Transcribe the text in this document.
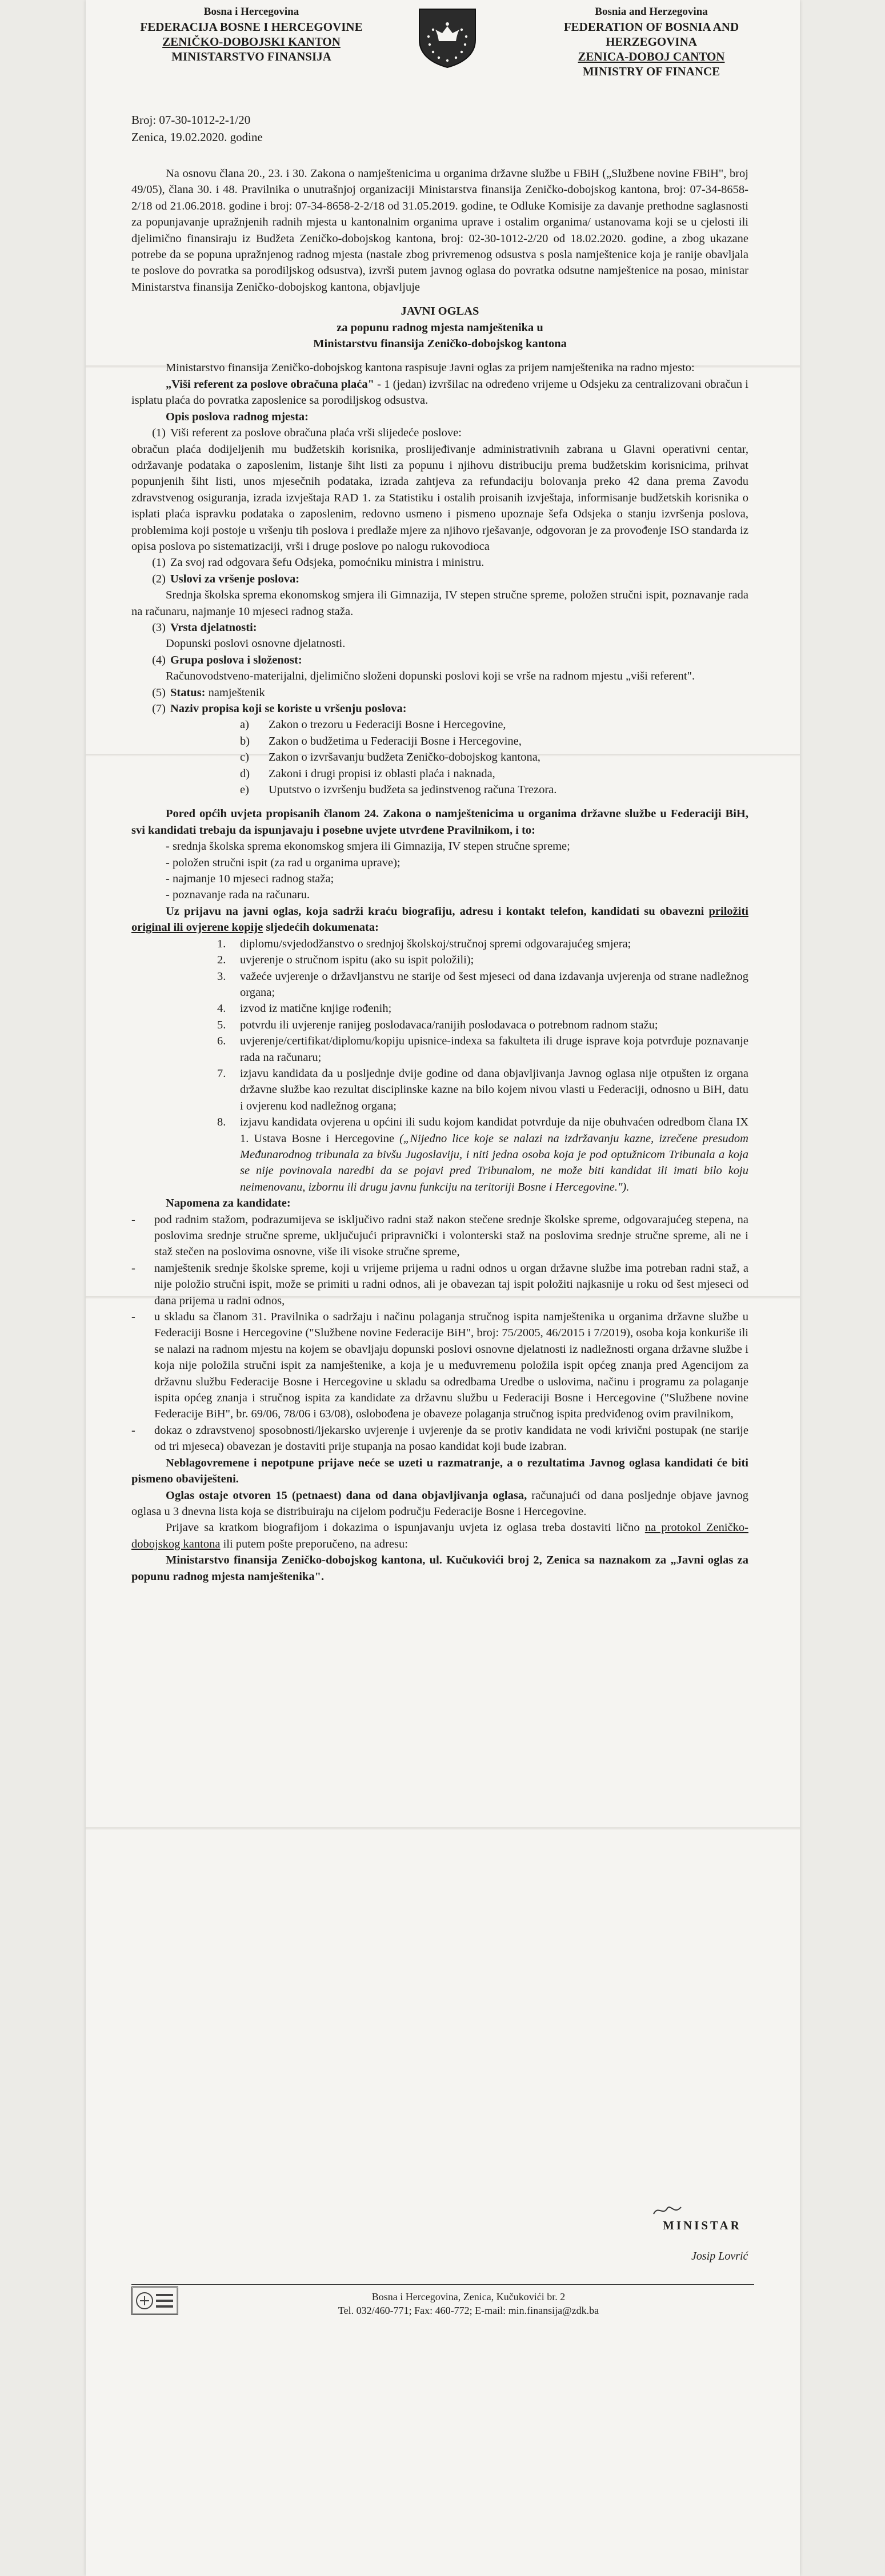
Bosna i Hercegovina
FEDERACIJA BOSNE I HERCEGOVINE
ZENIČKO-DOBOJSKI KANTON
MINISTARSTVO FINANSIJA
Bosnia and Herzegovina
FEDERATION OF BOSNIA AND
HERZEGOVINA
ZENICA-DOBOJ CANTON
MINISTRY OF FINANCE
Broj: 07-30-1012-2-1/20
Zenica, 19.02.2020. godine

Na osnovu člana 20., 23. i 30. Zakona o namještenicima u organima državne službe u FBiH („Službene novine FBiH", broj 49/05), člana 30. i 48. Pravilnika o unutrašnjoj organizaciji Ministarstva finansija Zeničko-dobojskog kantona, broj: 07-34-8658-2/18 od 21.06.2018. godine i broj: 07-34-8658-2-2/18 od 31.05.2019. godine, te Odluke Komisije za davanje prethodne saglasnosti za popunjavanje upražnjenih radnih mjesta u kantonalnim organima uprave i ostalim organima/ ustanovama koji se u cjelosti ili djelimično finansiraju iz Budžeta Zeničko-dobojskog kantona, broj: 02-30-1012-2/20 od 18.02.2020. godine, a zbog ukazane potrebe da se popuna upražnjenog radnog mjesta (nastale zbog privremenog odsustva s posla namještenice koja je ranije obavljala te poslove do povratka sa porodiljskog odsustva), izvrši putem javnog oglasa do povratka odsutne namještenice na posao, ministar Ministarstva finansija Zeničko-dobojskog kantona, objavljuje

JAVNI OGLAS
za popunu radnog mjesta namještenika u
Ministarstvu finansija Zeničko-dobojskog kantona

Ministarstvo finansija Zeničko-dobojskog kantona raspisuje Javni oglas za prijem namještenika na radno mjesto:

„Viši referent za poslove obračuna plaća" - 1 (jedan) izvršilac na određeno vrijeme u Odsjeku za centralizovani obračun i isplatu plaća do povratka zaposlenice sa porodiljskog odsustva.

Opis poslova radnog mjesta:

(1) Viši referent za poslove obračuna plaća vrši slijedeće poslove:

obračun plaća dodijeljenih mu budžetskih korisnika, proslijeđivanje administrativnih zabrana u Glavni operativni centar, održavanje podataka o zaposlenim, listanje šiht listi za popunu i njihovu distribuciju prema budžetskim korisnicima, prihvat popunjenih šiht listi, unos mjesečnih podataka, izrada zahtjeva za refundaciju bolovanja preko 42 dana prema Zavodu zdravstvenog osiguranja, izrada izvještaja RAD 1. za Statistiku i ostalih proisanih izvještaja, informisanje budžetskih korisnika o isplati plaća ispravku podataka o zaposlenim, redovno usmeno i pismeno upoznaje šefa Odsjeka o stanju izvršenja poslova, problemima koji postoje u vršenju tih poslova i predlaže mjere za njihovo rješavanje, odgovoran je za provođenje ISO standarda iz opisa poslova po sistematizaciji, vrši i druge poslove po nalogu rukovodioca

(1) Za svoj rad odgovara šefu Odsjeka, pomoćniku ministra i ministru.
(2) Uslovi za vršenje poslova:

Srednja školska sprema ekonomskog smjera ili Gimnazija, IV stepen stručne spreme, položen stručni ispit, poznavanje rada na računaru, najmanje 10 mjeseci radnog staža.

(3) Vrsta djelatnosti:

Dopunski poslovi osnovne djelatnosti.

(4) Grupa poslova i složenost:

Računovodstveno-materijalni, djelimično složeni dopunski poslovi koji se vrše na radnom mjestu „viši referent".

(5) Status: namještenik
(7) Naziv propisa koji se koriste u vršenju poslova:
a)	Zakon o trezoru u Federaciji Bosne i Hercegovine,
b)	Zakon o budžetima u Federaciji Bosne i Hercegovine,
c)	Zakon o izvršavanju budžeta Zeničko-dobojskog kantona,
d)	Zakoni i drugi propisi iz oblasti plaća i naknada,
e)	Uputstvo o izvršenju budžeta sa jedinstvenog računa Trezora.

Pored općih uvjeta propisanih članom 24. Zakona o namještenicima u organima državne službe u Federaciji BiH, svi kandidati trebaju da ispunjavaju i posebne uvjete utvrđene Pravilnikom, i to:

- srednja školska sprema ekonomskog smjera ili Gimnazija, IV stepen stručne spreme;

- položen stručni ispit (za rad u organima uprave);

- najmanje 10 mjeseci radnog staža;

- poznavanje rada na računaru.

Uz prijavu na javni oglas, koja sadrži kraću biografiju, adresu i kontakt telefon, kandidati su obavezni priložiti original ili ovjerene kopije sljedećih dokumenata:

1.	diplomu/svjedodžanstvo o srednjoj školskoj/stručnoj spremi odgovarajućeg smjera;
2.	uvjerenje o stručnom ispitu (ako su ispit položili);
3.	važeće uvjerenje o državljanstvu ne starije od šest mjeseci od dana izdavanja uvjerenja od strane nadležnog organa;
4.	izvod iz matične knjige rođenih;
5.	potvrdu ili uvjerenje ranijeg poslodavaca/ranijih poslodavaca o potrebnom radnom stažu;
6.	uvjerenje/certifikat/diplomu/kopiju upisnice-indexa sa fakulteta ili druge isprave koja potvrđuje poznavanje rada na računaru;
7.	izjavu kandidata da u posljednje dvije godine od dana objavljivanja Javnog oglasa nije otpušten iz organa državne službe kao rezultat disciplinske kazne na bilo kojem nivou vlasti u Federaciji, odnosno u BiH, datu i ovjerenu kod nadležnog organa;
8.	izjavu kandidata ovjerena u općini ili sudu kojom kandidat potvrđuje da nije obuhvaćen odredbom člana IX 1. Ustava Bosne i Hercegovine („Nijedno lice koje se nalazi na izdržavanju kazne, izrečene presudom Međunarodnog tribunala za bivšu Jugoslaviju, i niti jedna osoba koja je pod optužnicom Tribunala a koja se nije povinovala naredbi da se pojavi pred Tribunalom, ne može biti kandidat ili imati bilo koju neimenovanu, izbornu ili drugu javnu funkciju na teritoriji Bosne i Hercegovine.").

Napomena za kandidate:

-	pod radnim stažom, podrazumijeva se isključivo radni staž nakon stečene srednje školske spreme, odgovarajućeg stepena, na poslovima srednje stručne spreme, uključujući pripravnički i volonterski staž na poslovima srednje stručne spreme, ali ne i staž stečen na poslovima osnovne, više ili visoke stručne spreme,
-	namještenik srednje školske spreme, koji u vrijeme prijema u radni odnos u organ državne službe ima potreban radni staž, a nije položio stručni ispit, može se primiti u radni odnos, ali je obavezan taj ispit položiti najkasnije u roku od šest mjeseci od dana prijema u radni odnos,
-	u skladu sa članom 31. Pravilnika o sadržaju i načinu polaganja stručnog ispita namještenika u organima državne službe u Federaciji Bosne i Hercegovine ("Službene novine Federacije BiH", broj: 75/2005, 46/2015 i 7/2019), osoba koja konkuriše ili se nalazi na radnom mjestu na kojem se obavljaju dopunski poslovi osnovne djelatnosti iz nadležnosti organa državne službe i koja nije položila stručni ispit za namještenike, a koja je u međuvremenu položila ispit općeg znanja pred Agencijom za državnu službu Federacije Bosne i Hercegovine u skladu sa odredbama Uredbe o uslovima, načinu i programu za polaganje ispita općeg znanja i stručnog ispita za kandidate za državnu službu u Federaciji Bosne i Hercegovine ("Službene novine Federacije BiH", br. 69/06, 78/06 i 63/08), oslobođena je obaveze polaganja stručnog ispita predviđenog ovim pravilnikom,
-	dokaz o zdravstvenoj sposobnosti/ljekarsko uvjerenje i uvjerenje da se protiv kandidata ne vodi krivični postupak (ne starije od tri mjeseca) obavezan je dostaviti prije stupanja na posao kandidat koji bude izabran.

Neblagovremene i nepotpune prijave neće se uzeti u razmatranje, a o rezultatima Javnog oglasa kandidati će biti pismeno obaviješteni.

Oglas ostaje otvoren 15 (petnaest) dana od dana objavljivanja oglasa, računajući od dana posljednje objave javnog oglasa u 3 dnevna lista koja se distribuiraju na cijelom području Federacije Bosne i Hercegovine.

Prijave sa kratkom biografijom i dokazima o ispunjavanju uvjeta iz oglasa treba dostaviti lično na protokol Zeničko-dobojskog kantona ili putem pošte preporučeno, na adresu:

Ministarstvo finansija Zeničko-dobojskog kantona, ul. Kučukovići broj 2, Zenica sa naznakom za „Javni oglas za popunu radnog mjesta namještenika".

MINISTAR
Josip Lovrić
Bosna i Hercegovina, Zenica, Kučukovići br. 2
Tel. 032/460-771; Fax: 460-772; E-mail: min.finansija@zdk.ba
